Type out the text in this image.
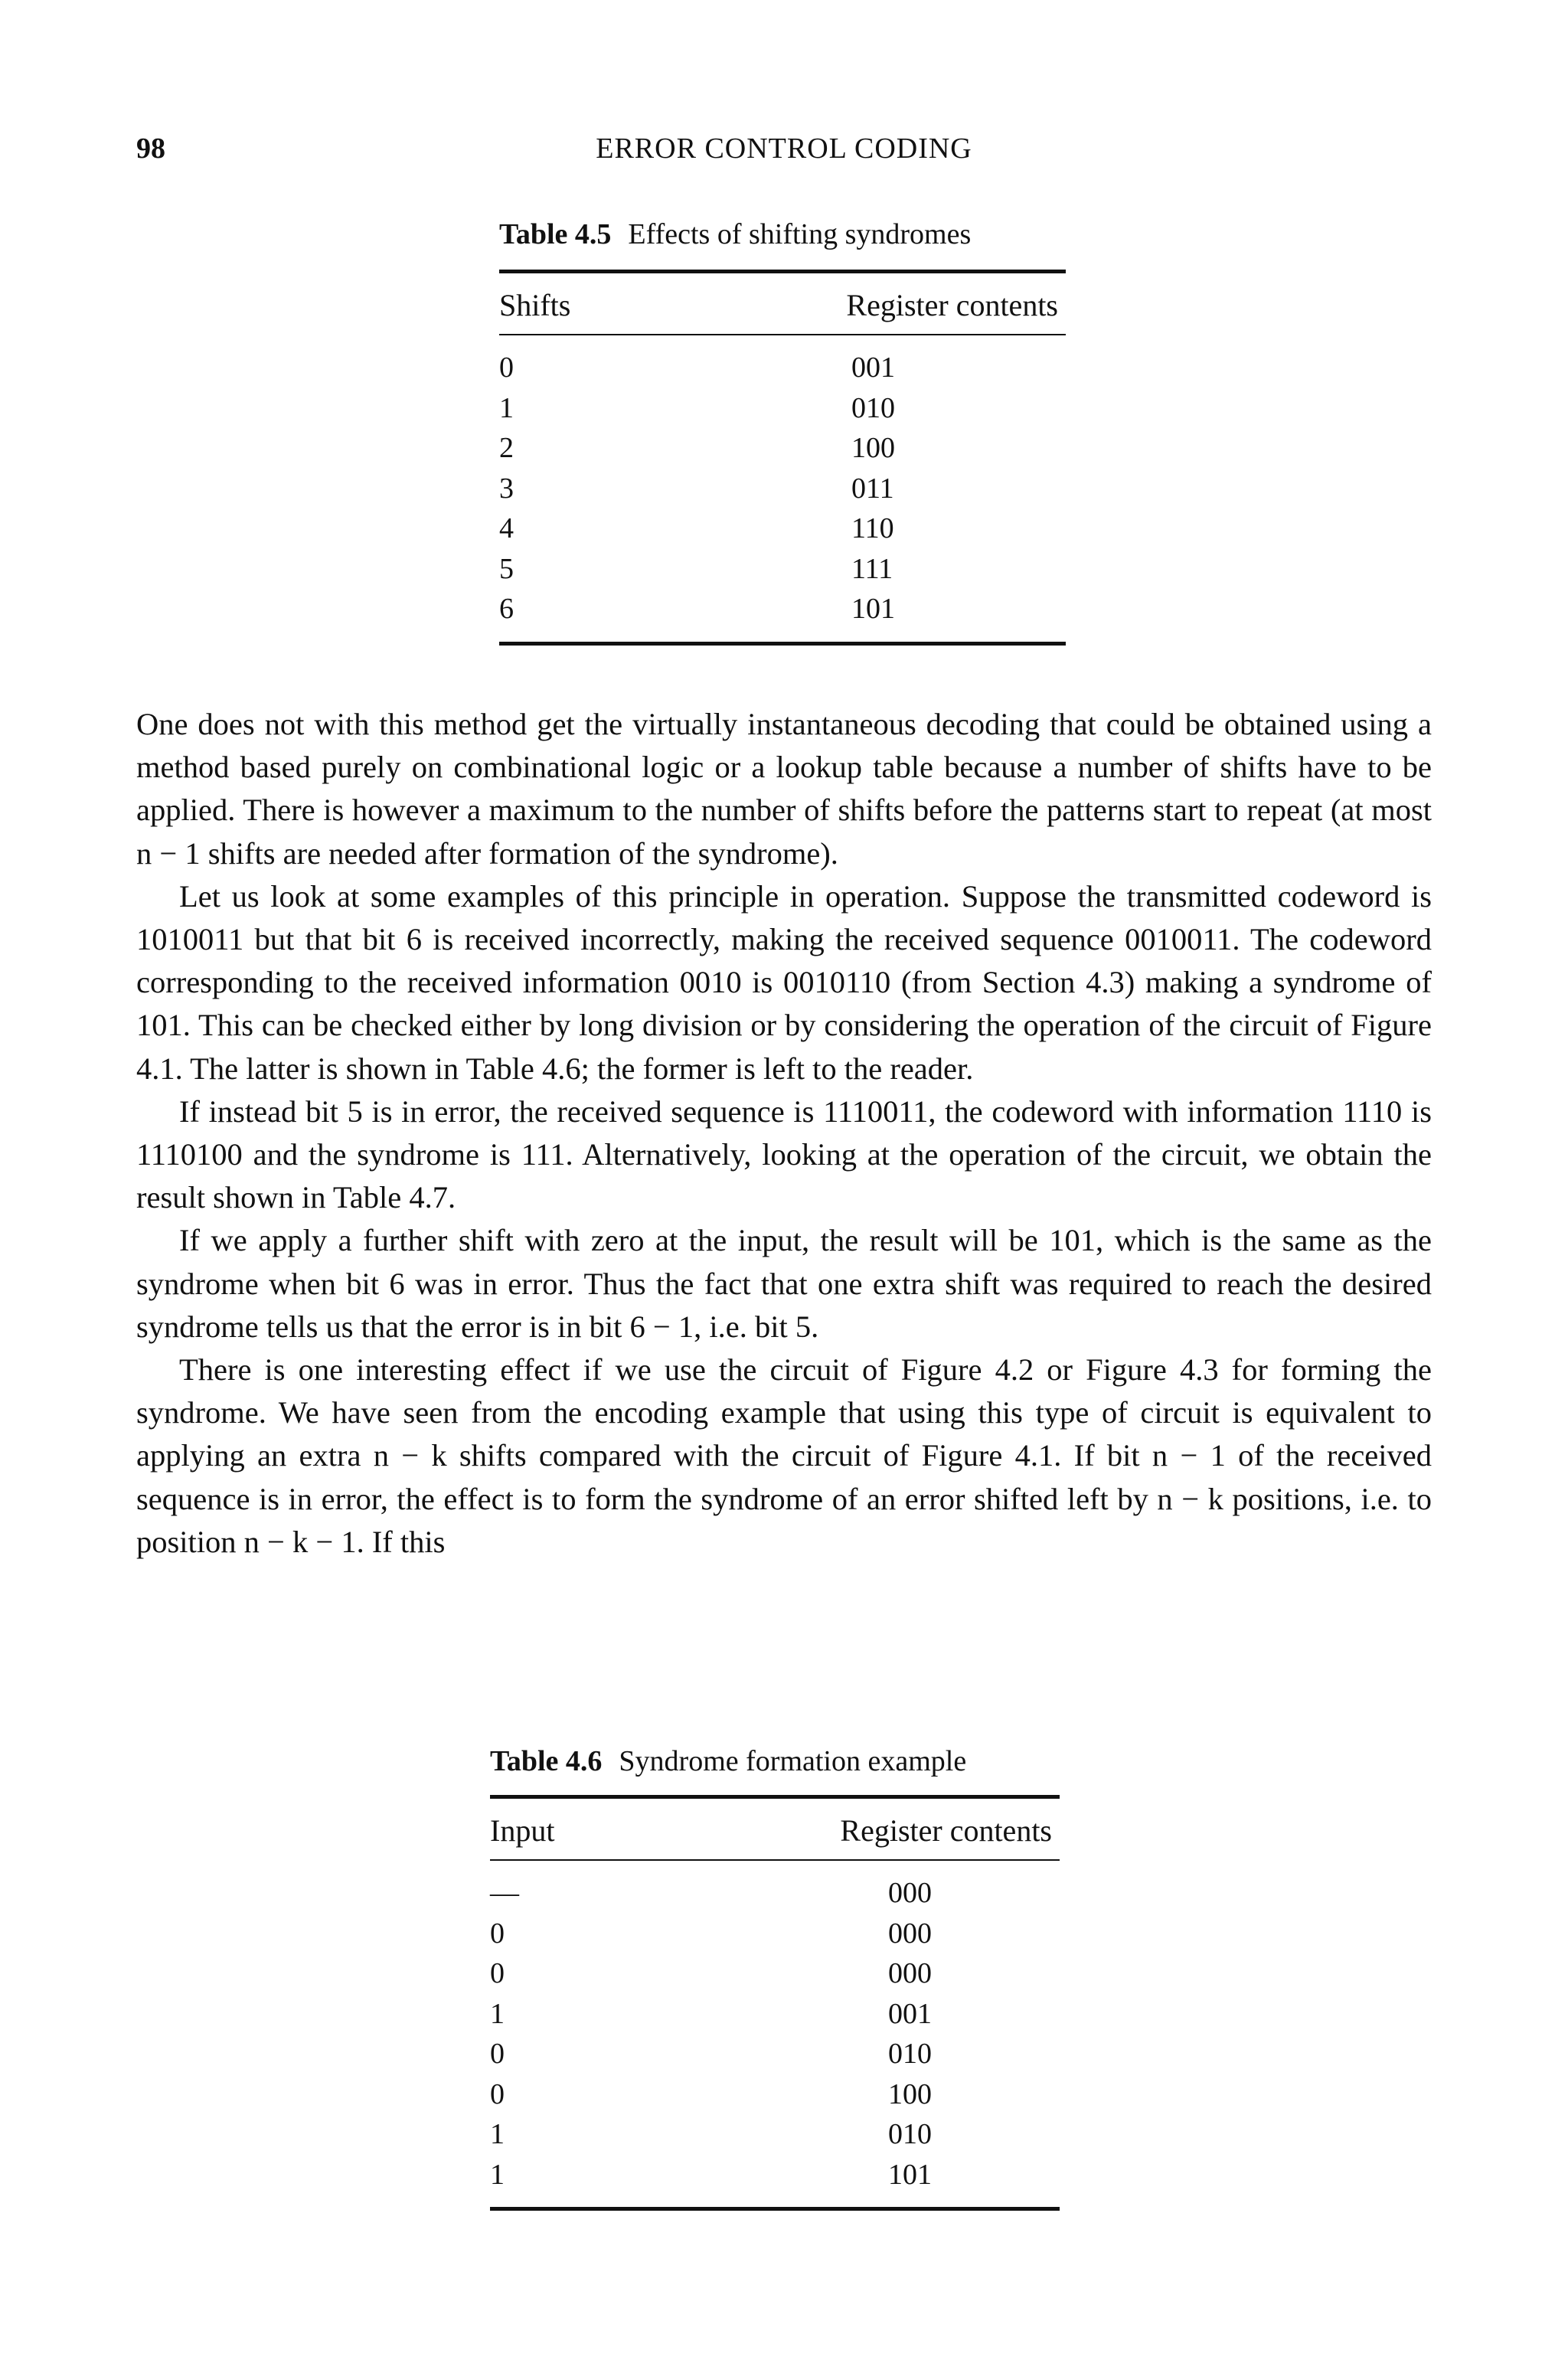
98	ERROR CONTROL CODING
Table 4.5 Effects of shifting syndromes
Shifts	Register contents
0	001
1	010
2	100
3	011
4	110
5	111
6	101

One does not with this method get the virtually instantaneous decoding that could be obtained using a method based purely on combinational logic or a lookup table because a number of shifts have to be applied. There is however a maximum to the number of shifts before the patterns start to repeat (at most n − 1 shifts are needed after formation of the syndrome).

Let us look at some examples of this principle in operation. Suppose the transmitted codeword is 1010011 but that bit 6 is received incorrectly, making the received sequence 0010011. The codeword corresponding to the received information 0010 is 0010110 (from Section 4.3) making a syndrome of 101. This can be checked either by long division or by considering the operation of the circuit of Figure 4.1. The latter is shown in Table 4.6; the former is left to the reader.

If instead bit 5 is in error, the received sequence is 1110011, the codeword with information 1110 is 1110100 and the syndrome is 111. Alternatively, looking at the operation of the circuit, we obtain the result shown in Table 4.7.

If we apply a further shift with zero at the input, the result will be 101, which is the same as the syndrome when bit 6 was in error. Thus the fact that one extra shift was required to reach the desired syndrome tells us that the error is in bit 6 − 1, i.e. bit 5.

There is one interesting effect if we use the circuit of Figure 4.2 or Figure 4.3 for forming the syndrome. We have seen from the encoding example that using this type of circuit is equivalent to applying an extra n − k shifts compared with the circuit of Figure 4.1. If bit n − 1 of the received sequence is in error, the effect is to form the syndrome of an error shifted left by n − k positions, i.e. to position n − k − 1. If this

Table 4.6 Syndrome formation example
Input	Register contents
—	000
0	000
0	000
1	001
0	010
0	100
1	010
1	101
